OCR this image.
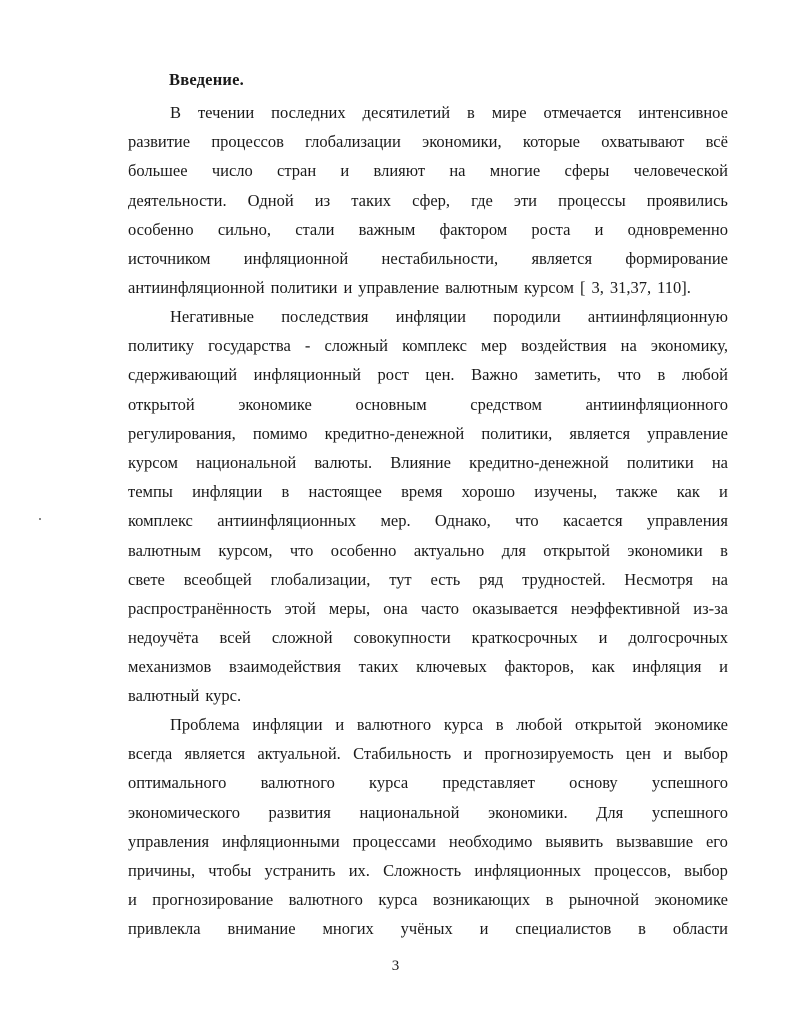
Введение.
В течении последних десятилетий в мире отмечается интенсивное
развитие процессов глобализации экономики, которые охватывают всё
большее число стран и влияют на многие сферы человеческой
деятельности. Одной из таких сфер, где эти процессы проявились
особенно сильно, стали важным фактором роста и одновременно
источником инфляционной нестабильности, является формирование
антиинфляционной политики и управление валютным курсом [ 3, 31,37, 110].
Негативные последствия инфляции породили антиинфляционную
политику государства - сложный комплекс мер воздействия на экономику,
сдерживающий инфляционный рост цен. Важно заметить, что в любой
открытой	экономике	основным	средством	антиинфляционного
регулирования, помимо кредитно-денежной политики, является управление
курсом национальной валюты. Влияние кредитно-денежной политики на
темпы инфляции в настоящее время хорошо изучены, также как и
комплекс антиинфляционных мер. Однако, что касается управления
валютным курсом, что особенно актуально для открытой экономики в
свете всеобщей глобализации, тут есть ряд трудностей. Несмотря на
распространённость этой меры, она часто оказывается неэффективной из-за
недоучёта всей сложной совокупности краткосрочных и долгосрочных
механизмов взаимодействия таких ключевых факторов, как инфляция и
валютный курс.
Проблема инфляции и валютного курса в любой открытой экономике
всегда является актуальной. Стабильность и прогнозируемость цен и выбор
оптимального валютного курса представляет основу успешного
экономического развития национальной экономики. Для успешного
управления инфляционными процессами необходимо выявить вызвавшие его
причины, чтобы устранить их. Сложность инфляционных процессов, выбор
и прогнозирование валютного курса возникающих в рыночной экономике
привлекла внимание многих учёных и специалистов в области
3
